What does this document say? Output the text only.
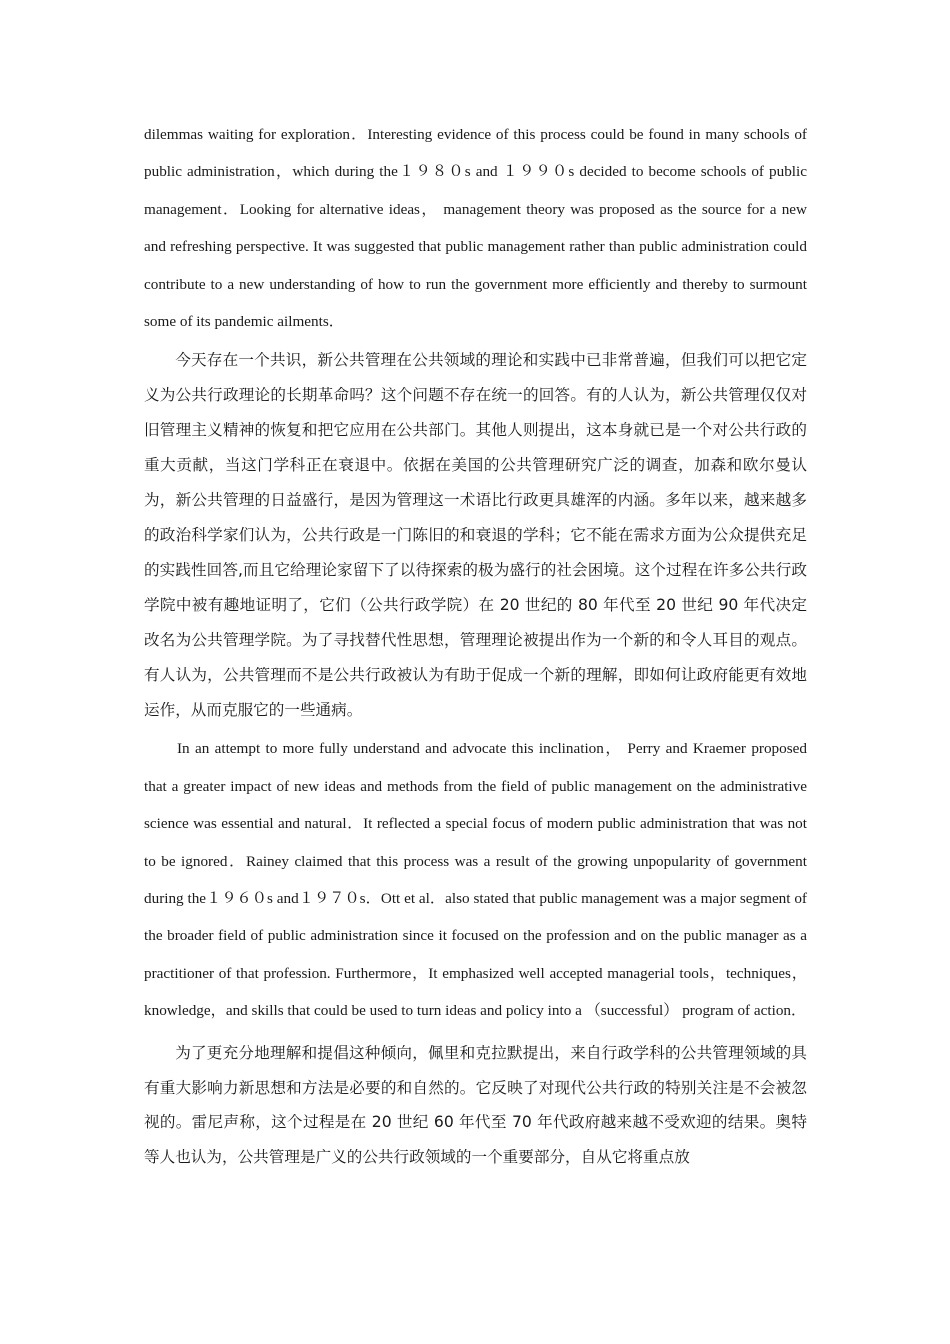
dilemmas waiting for exploration．Interesting evidence of this process could be found in many schools of public administration，which during the１９８０s and １９９０s decided to become schools of public management．Looking for alternative ideas， management theory was proposed as the source for a new and refreshing perspective. It was suggested that public management rather than public administration could contribute to a new understanding of how to run the government more efficiently and thereby to surmount some of its pandemic ailments．

今天存在一个共识，新公共管理在公共领域的理论和实践中已非常普遍，但我们可以把它定义为公共行政理论的长期革命吗？这个问题不存在统一的回答。有的人认为，新公共管理仅仅对旧管理主义精神的恢复和把它应用在公共部门。其他人则提出，这本身就已是一个对公共行政的重大贡献，当这门学科正在衰退中。依据在美国的公共管理研究广泛的调查，加森和欧尔曼认为，新公共管理的日益盛行，是因为管理这一术语比行政更具雄浑的内涵。多年以来，越来越多的政治科学家们认为，公共行政是一门陈旧的和衰退的学科；它不能在需求方面为公众提供充足的实践性回答,而且它给理论家留下了以待探索的极为盛行的社会困境。这个过程在许多公共行政学院中被有趣地证明了，它们（公共行政学院）在 20 世纪的 80 年代至 20 世纪 90 年代决定改名为公共管理学院。为了寻找替代性思想，管理理论被提出作为一个新的和令人耳目的观点。有人认为，公共管理而不是公共行政被认为有助于促成一个新的理解，即如何让政府能更有效地运作，从而克服它的一些通病。

In an attempt to more fully understand and advocate this inclination， Perry and Kraemer proposed that a greater impact of new ideas and methods from the field of public management on the administrative science was essential and natural．It reflected a special focus of modern public administration that was not to be ignored．Rainey claimed that this process was a result of the growing unpopularity of government during the１９６０s and１９７０s．Ott et al．also stated that public management was a major segment of the broader field of public administration since it focused on the profession and on the public manager as a practitioner of that profession. Furthermore，It emphasized well accepted managerial tools，techniques，knowledge，and skills that could be used to turn ideas and policy into a （successful） program of action．

为了更充分地理解和提倡这种倾向，佩里和克拉默提出，来自行政学科的公共管理领域的具有重大影响力新思想和方法是必要的和自然的。它反映了对现代公共行政的特别关注是不会被忽视的。雷尼声称，这个过程是在 20 世纪 60 年代至 70 年代政府越来越不受欢迎的结果。奥特等人也认为，公共管理是广义的公共行政领域的一个重要部分，自从它将重点放
